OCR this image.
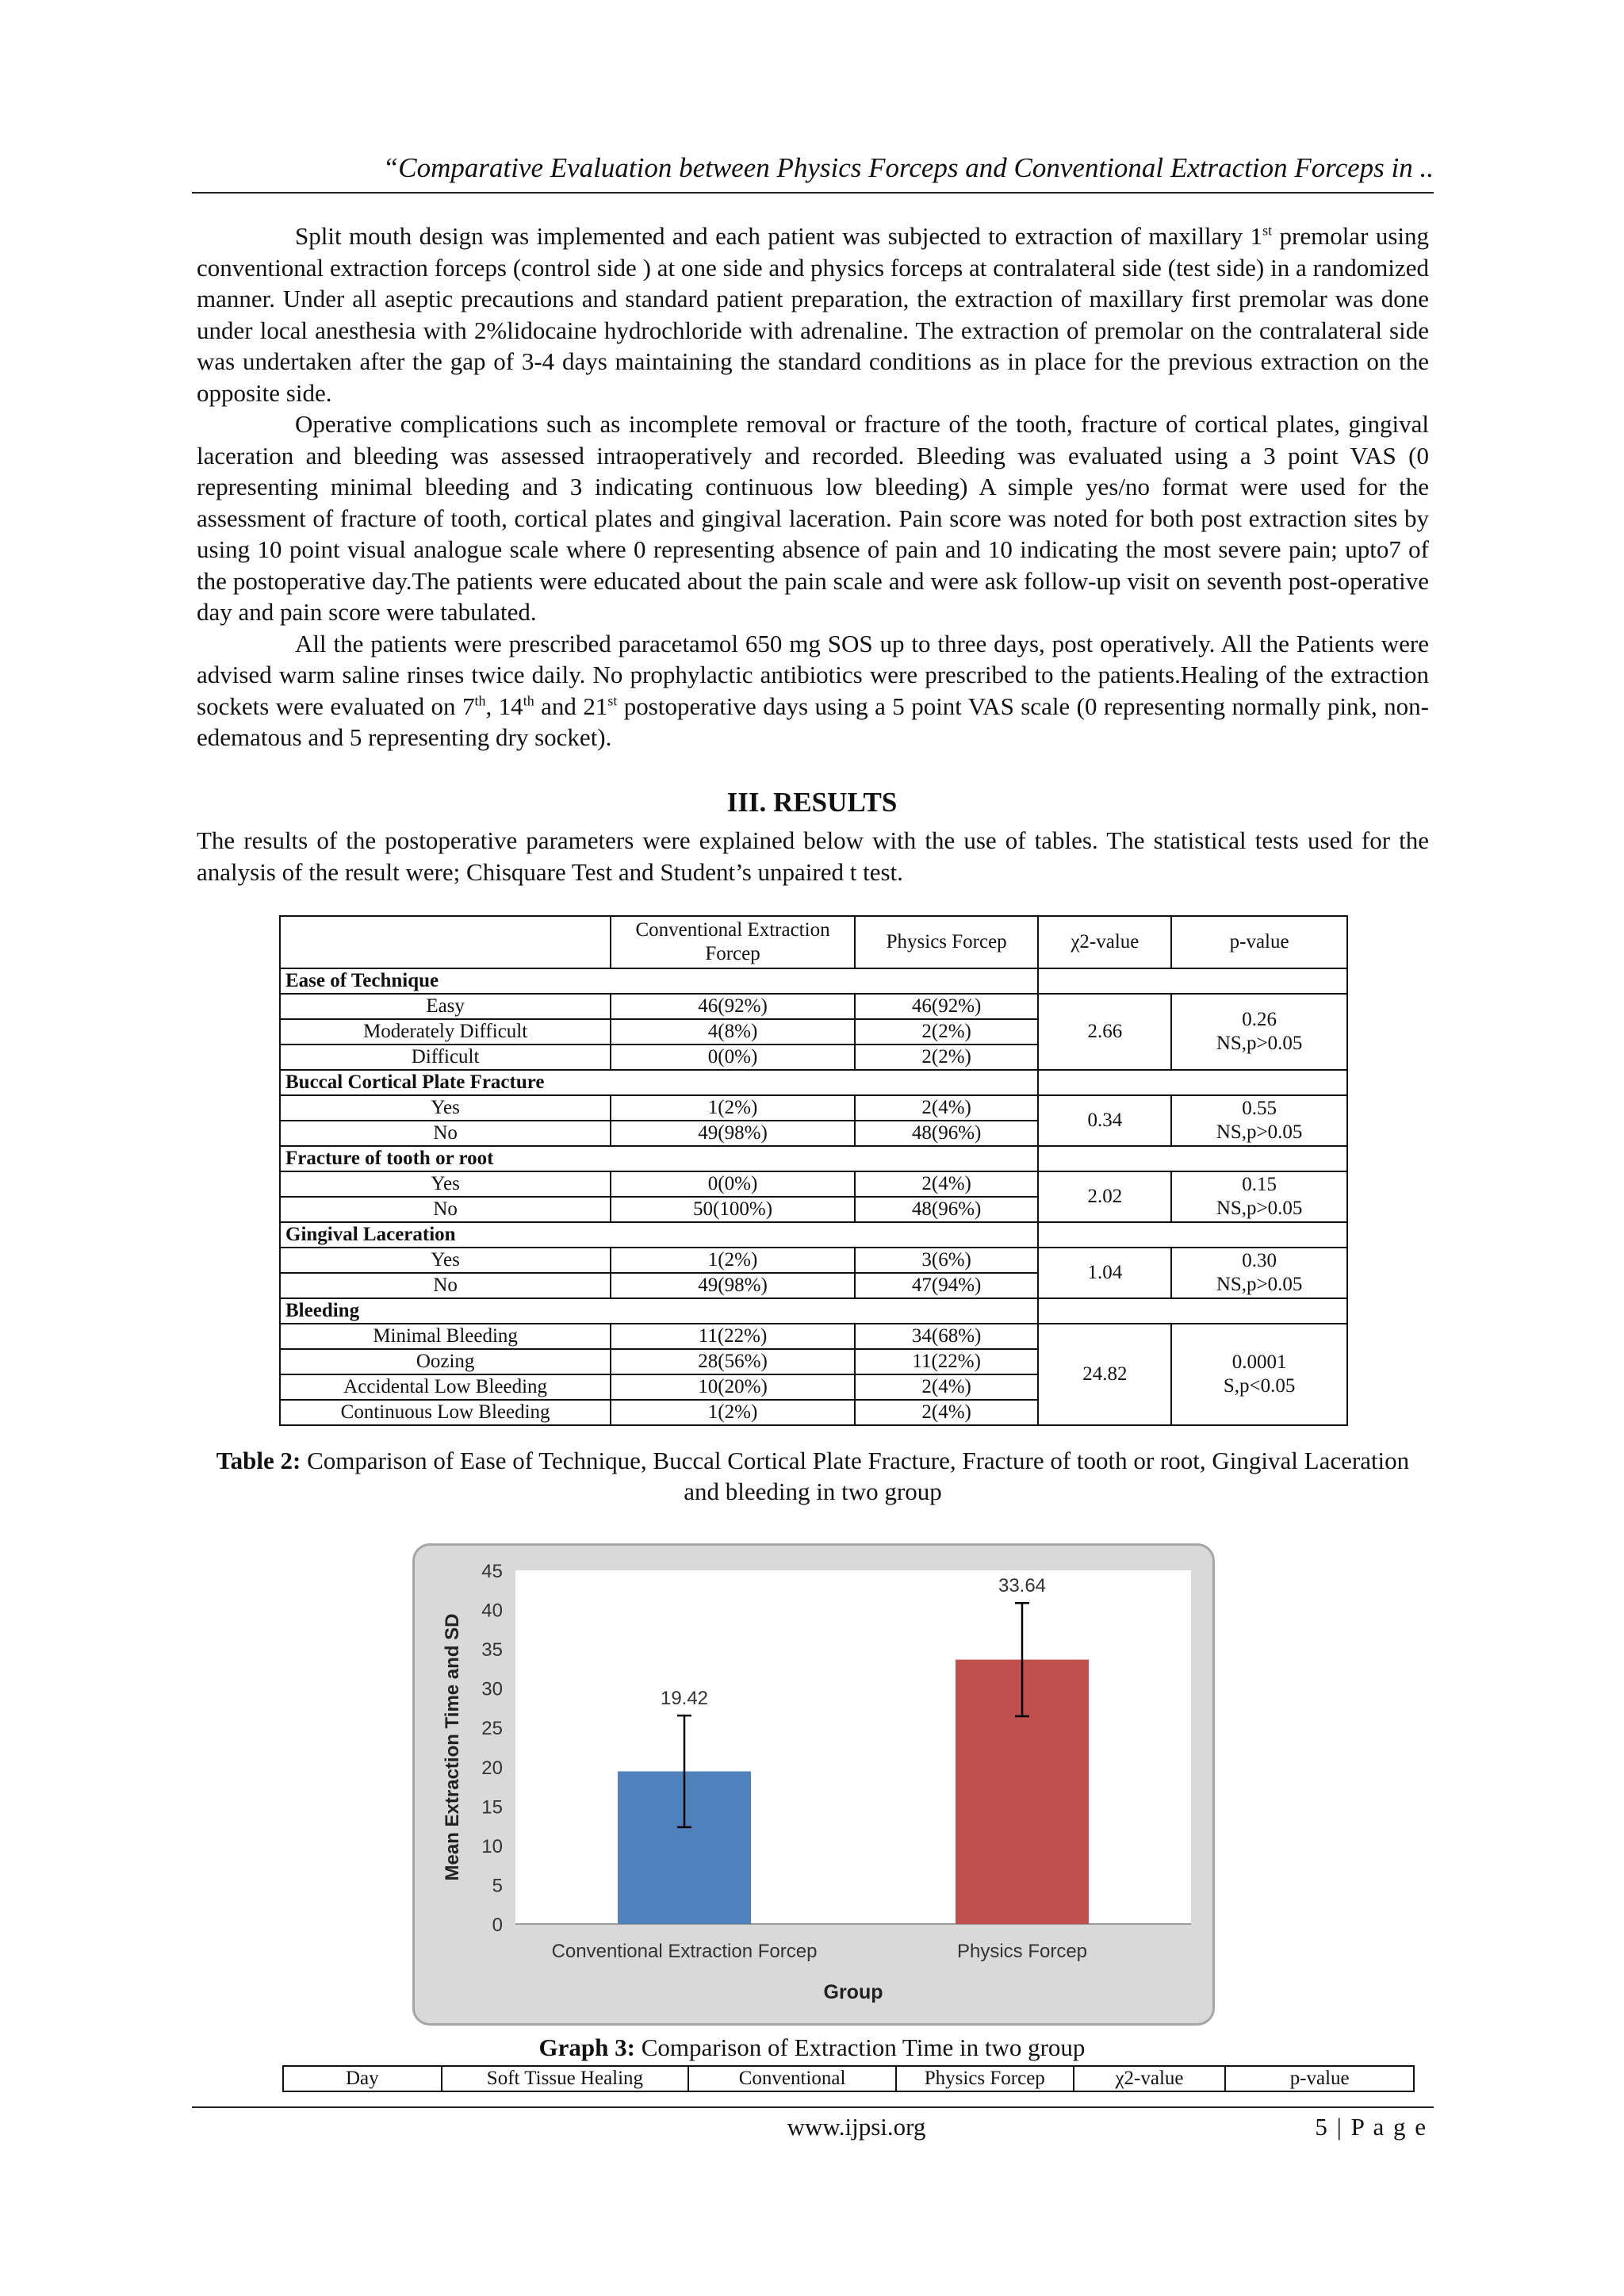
“Comparative Evaluation between Physics Forceps and Conventional Extraction Forceps in ..

Split mouth design was implemented and each patient was subjected to extraction of maxillary 1st premolar using conventional extraction forceps (control side ) at one side and physics forceps at contralateral side (test side) in a randomized manner. Under all aseptic precautions and standard patient preparation, the extraction of maxillary first premolar was done under local anesthesia with 2%lidocaine hydrochloride with adrenaline. The extraction of premolar on the contralateral side was undertaken after the gap of 3-4 days maintaining the standard conditions as in place for the previous extraction on the opposite side.

Operative complications such as incomplete removal or fracture of the tooth, fracture of cortical plates, gingival laceration and bleeding was assessed intraoperatively and recorded. Bleeding was evaluated using a 3 point VAS (0 representing minimal bleeding and 3 indicating continuous low bleeding) A simple yes/no format were used for the assessment of fracture of tooth, cortical plates and gingival laceration. Pain score was noted for both post extraction sites by using 10 point visual analogue scale where 0 representing absence of pain and 10 indicating the most severe pain; upto7 of the postoperative day.The patients were educated about the pain scale and were ask follow-up visit on seventh post-operative day and pain score were tabulated.

All the patients were prescribed paracetamol 650 mg SOS up to three days, post operatively. All the Patients were advised warm saline rinses twice daily. No prophylactic antibiotics were prescribed to the patients.Healing of the extraction sockets were evaluated on 7th, 14th and 21st postoperative days using a 5 point VAS scale (0 representing normally pink, non-edematous and 5 representing dry socket).

III. RESULTS

The results of the postoperative parameters were explained below with the use of tables. The statistical tests used for the analysis of the result were; Chisquare Test and Student’s unpaired t test.

	Conventional Extraction Forcep	Physics Forcep	χ2-value	p-value
Ease of Technique				
Easy	46(92%)	46(92%)	2.66	0.26
NS,p>0.05

Moderately Difficult	4(8%)	2(2%)		
Difficult	0(0%)	2(2%)		
Buccal Cortical Plate Fracture				
Yes	1(2%)	2(4%)	0.34	0.55
NS,p>0.05

No	49(98%)	48(96%)		
Fracture of tooth or root				
Yes	0(0%)	2(4%)	2.02	0.15
NS,p>0.05

No	50(100%)	48(96%)		
Gingival Laceration				
Yes	1(2%)	3(6%)	1.04	0.30
NS,p>0.05

No	49(98%)	47(94%)		
Bleeding				
Minimal Bleeding	11(22%)	34(68%)	24.82	0.0001
S,p<0.05

Oozing	28(56%)	11(22%)		
Accidental Low Bleeding	10(20%)	2(4%)		
Continuous Low Bleeding	1(2%)	2(4%)		
Table 2: Comparison of Ease of Technique, Buccal Cortical Plate Fracture, Fracture of tooth or root, Gingival Laceration and bleeding in two group
0
5
10
15
20
25
30
35
40
45
19.42
Conventional Extraction Forcep
33.64
Physics Forcep
Group
Mean Extraction Time and SD
Graph 3: Comparison of Extraction Time in two group
Day	Soft Tissue Healing	Conventional	Physics Forcep	χ2-value	p-value
www.ijpsi.org	5 | P a g e
